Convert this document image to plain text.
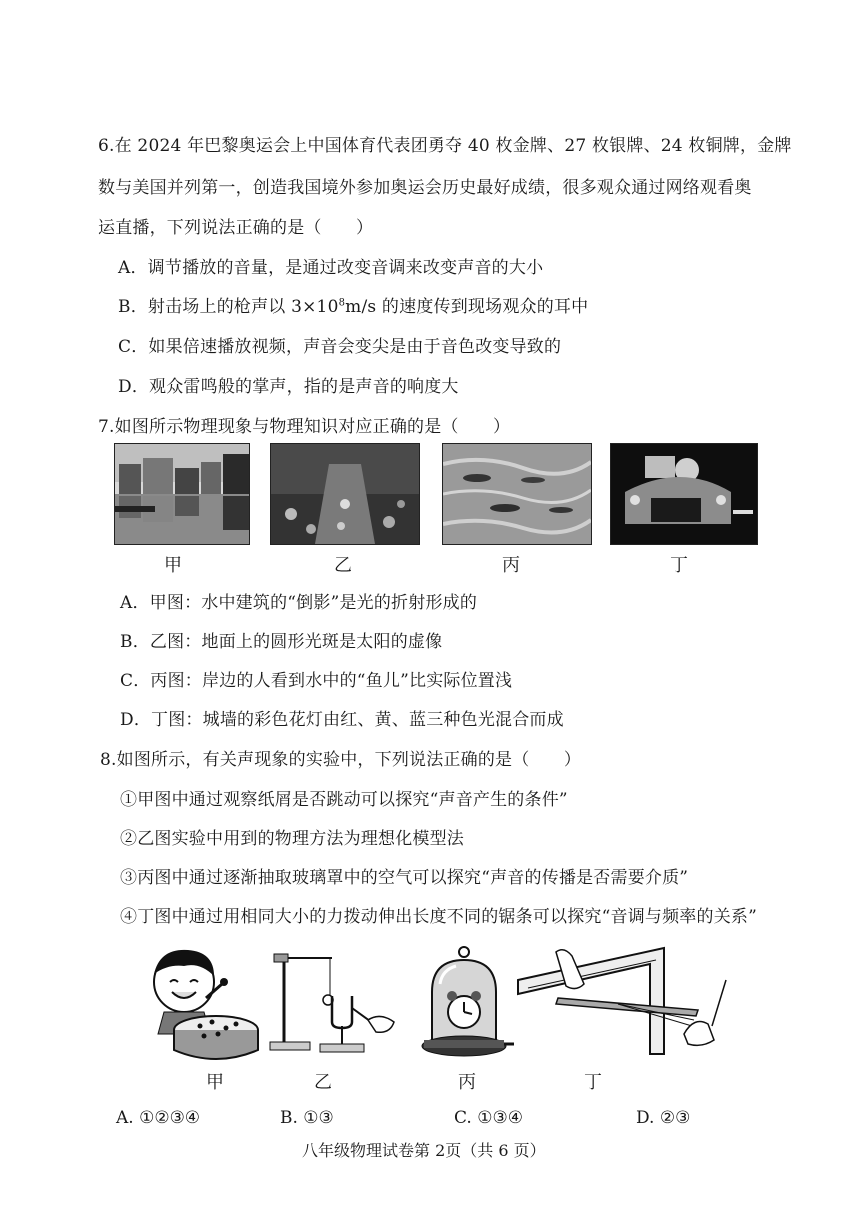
6.在 2024 年巴黎奥运会上中国体育代表团勇夺 40 枚金牌、27 枚银牌、24 枚铜牌，金牌
数与美国并列第一，创造我国境外参加奥运会历史最好成绩，很多观众通过网络观看奥
运直播，下列说法正确的是（　　）
A．调节播放的音量，是通过改变音调来改变声音的大小
B．射击场上的枪声以 $3\times 10^8m/s$ 的速度传到现场观众的耳中
C．如果倍速播放视频，声音会变尖是由于音色改变导致的
D．观众雷鸣般的掌声，指的是声音的响度大
7.如图所示物理现象与物理知识对应正确的是（　　）
甲	乙	丙	丁
A．甲图：水中建筑的“倒影”是光的折射形成的
B．乙图：地面上的圆形光斑是太阳的虚像
C．丙图：岸边的人看到水中的“鱼儿”比实际位置浅
D．丁图：城墙的彩色花灯由红、黄、蓝三种色光混合而成
8.如图所示，有关声现象的实验中，下列说法正确的是（　　）
①甲图中通过观察纸屑是否跳动可以探究“声音产生的条件”
②乙图实验中用到的物理方法为理想化模型法
③丙图中通过逐渐抽取玻璃罩中的空气可以探究“声音的传播是否需要介质”
④丁图中通过用相同大小的力拨动伸出长度不同的锯条可以探究“音调与频率的关系”
甲	乙	丙	丁
A. ①②③④	B. ①③	C. ①③④	D. ②③
八年级物理试卷第 2页（共 6 页）
